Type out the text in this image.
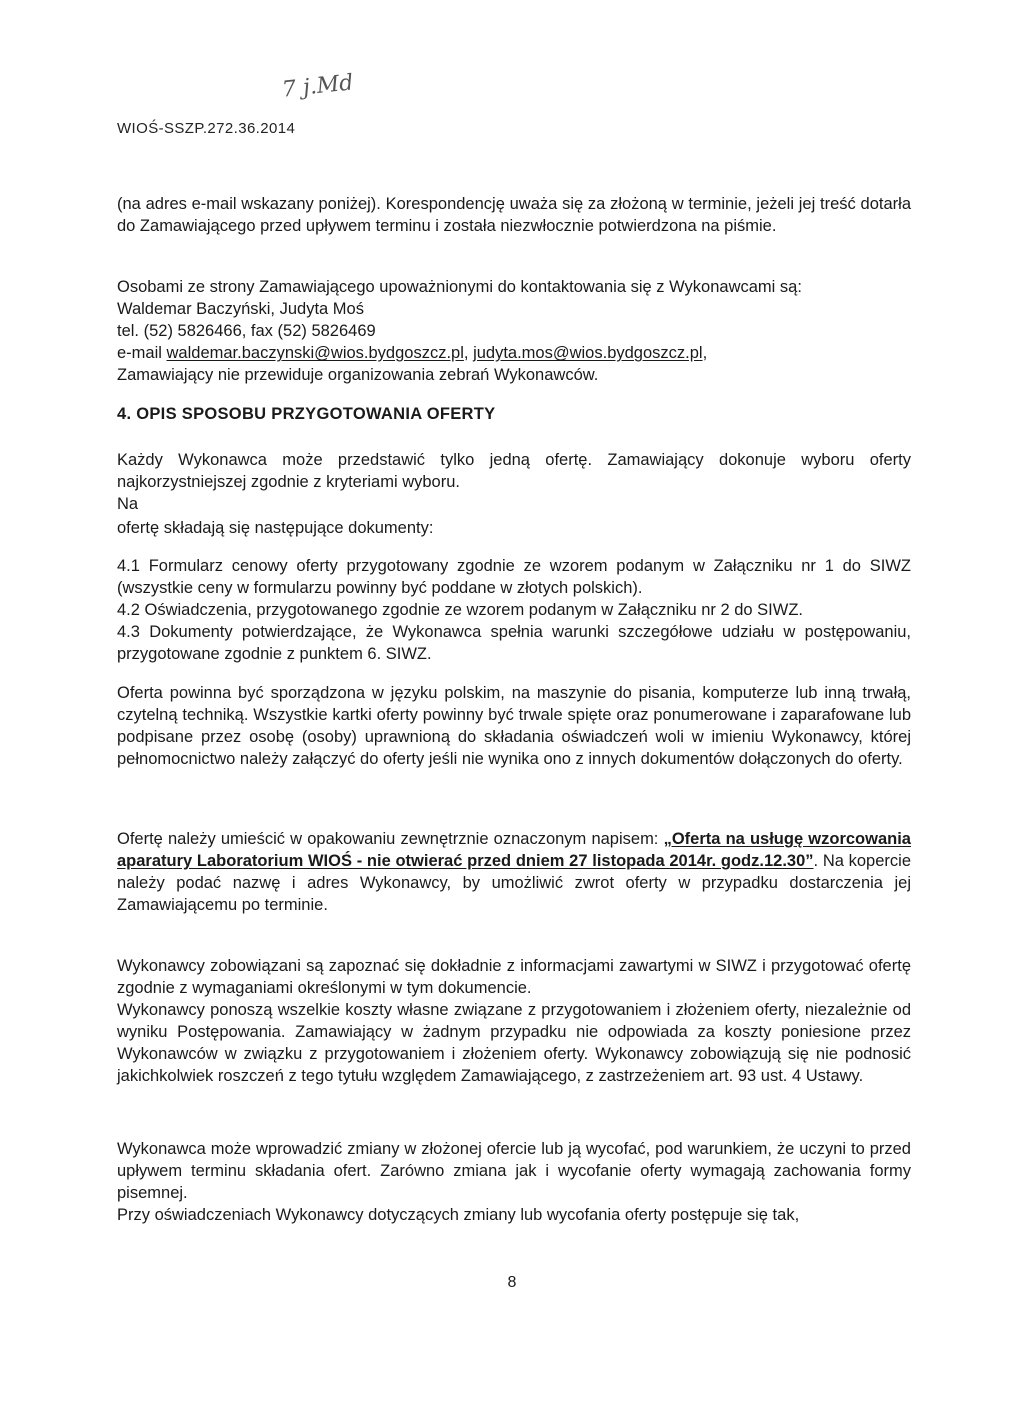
7 j.Md
WIOŚ-SSZP.272.36.2014

(na adres e-mail wskazany poniżej). Korespondencję uważa się za złożoną w terminie, jeżeli jej treść dotarła do Zamawiającego przed upływem terminu i została niezwłocznie potwierdzona na piśmie.

Osobami ze strony Zamawiającego upoważnionymi do kontaktowania się z Wykonawcami są:

Waldemar Baczyński, Judyta Moś

tel. (52) 5826466, fax (52) 5826469

e-mail waldemar.baczynski@wios.bydgoszcz.pl, judyta.mos@wios.bydgoszcz.pl,

Zamawiający nie przewiduje organizowania zebrań Wykonawców.

4. OPIS SPOSOBU PRZYGOTOWANIA OFERTY

Każdy Wykonawca może przedstawić tylko jedną ofertę. Zamawiający dokonuje wyboru oferty najkorzystniejszej zgodnie z kryteriami wyboru.

Na

ofertę składają się następujące dokumenty:

4.1 Formularz cenowy oferty przygotowany zgodnie ze wzorem podanym w Załączniku nr 1 do SIWZ (wszystkie ceny w formularzu powinny być poddane w złotych polskich).

4.2 Oświadczenia, przygotowanego zgodnie ze wzorem podanym w Załączniku nr 2 do SIWZ.

4.3 Dokumenty potwierdzające, że Wykonawca spełnia warunki szczegółowe udziału w postępowaniu, przygotowane zgodnie z punktem 6. SIWZ.

Oferta powinna być sporządzona w języku polskim, na maszynie do pisania, komputerze lub inną trwałą, czytelną techniką. Wszystkie kartki oferty powinny być trwale spięte oraz ponumerowane i zaparafowane lub podpisane przez osobę (osoby) uprawnioną do składania oświadczeń woli w imieniu Wykonawcy, której pełnomocnictwo należy załączyć do oferty jeśli nie wynika ono z innych dokumentów dołączonych do oferty.

Ofertę należy umieścić w opakowaniu zewnętrznie oznaczonym napisem: „Oferta na usługę wzorcowania aparatury Laboratorium WIOŚ - nie otwierać przed dniem 27 listopada 2014r. godz.12.30”. Na kopercie należy podać nazwę i adres Wykonawcy, by umożliwić zwrot oferty w przypadku dostarczenia jej Zamawiającemu po terminie.

Wykonawcy zobowiązani są zapoznać się dokładnie z informacjami zawartymi w SIWZ i przygotować ofertę zgodnie z wymaganiami określonymi w tym dokumencie.

Wykonawcy ponoszą wszelkie koszty własne związane z przygotowaniem i złożeniem oferty, niezależnie od wyniku Postępowania. Zamawiający w żadnym przypadku nie odpowiada za koszty poniesione przez Wykonawców w związku z przygotowaniem i złożeniem oferty. Wykonawcy zobowiązują się nie podnosić jakichkolwiek roszczeń z tego tytułu względem Zamawiającego, z zastrzeżeniem art. 93 ust. 4 Ustawy.

Wykonawca może wprowadzić zmiany w złożonej ofercie lub ją wycofać, pod warunkiem, że uczyni to przed upływem terminu składania ofert. Zarówno zmiana jak i wycofanie oferty wymagają zachowania formy pisemnej.

Przy oświadczeniach Wykonawcy dotyczących zmiany lub wycofania oferty postępuje się tak,

8
